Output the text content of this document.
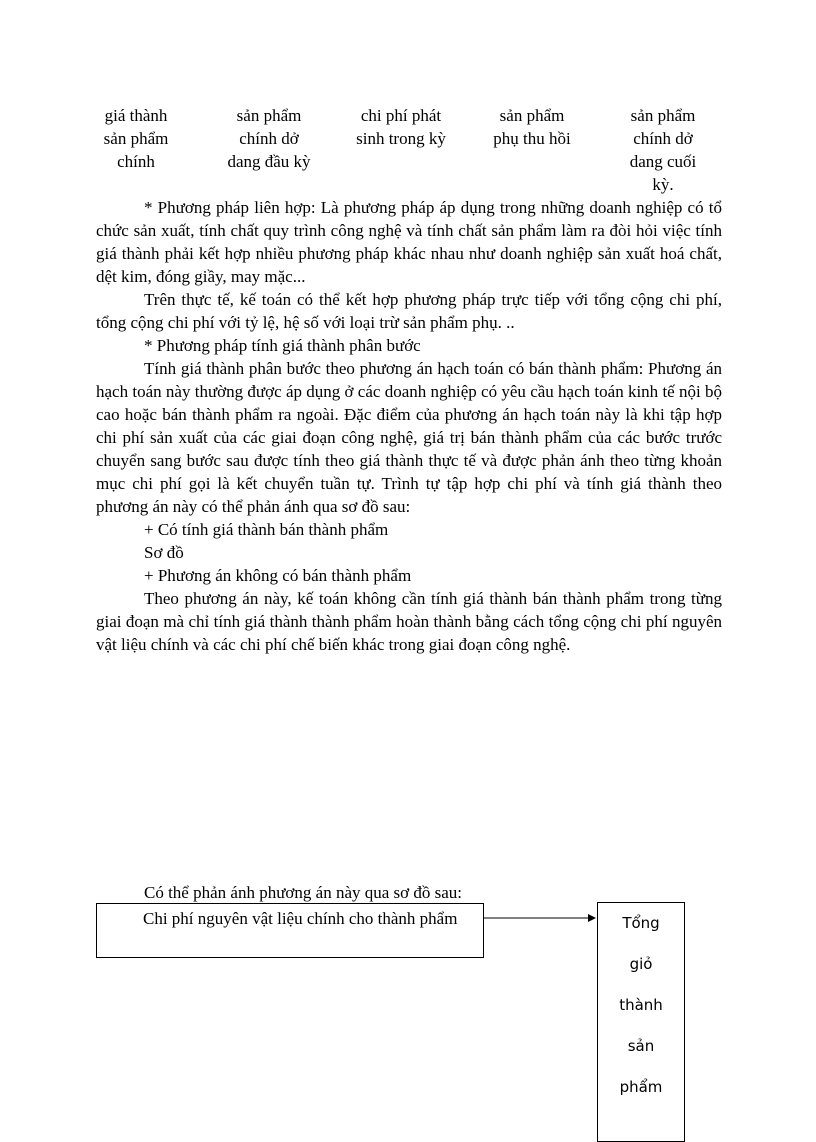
giá thành
sản phẩm
chính
sản phẩm
chính dở
dang đầu kỳ
chi phí phát
sinh trong kỳ
sản phẩm
phụ thu hồi
sản phẩm
chính dở
dang cuối
kỳ.

* Phương pháp liên hợp: Là phương pháp áp dụng trong những doanh nghiệp có tổ chức sản xuất, tính chất quy trình công nghệ và tính chất sản phẩm làm ra đòi hỏi việc tính giá thành phải kết hợp nhiều phương pháp khác nhau như doanh nghiệp sản xuất hoá chất, dệt kim, đóng giầy, may mặc...

Trên thực tế, kế toán có thể kết hợp phương pháp trực tiếp với tổng cộng chi phí, tổng cộng chi phí với tỷ lệ, hệ số với loại trừ sản phẩm phụ. ..

* Phương pháp tính giá thành phân bước

Tính giá thành phân bước theo phương án hạch toán có bán thành phẩm: Phương án hạch toán này thường được áp dụng ở các doanh nghiệp có yêu cầu hạch toán kinh tế nội bộ cao hoặc bán thành phẩm ra ngoài. Đặc điểm của phương án hạch toán này là khi tập hợp chi phí sản xuất của các giai đoạn công nghệ, giá trị bán thành phẩm của các bước trước chuyển sang bước sau được tính theo giá thành thực tế và được phản ánh theo từng khoản mục chi phí gọi là kết chuyển tuần tự. Trình tự tập hợp chi phí và tính giá thành theo phương án này có thể phản ánh qua sơ đồ sau:

+ Có tính giá thành bán thành phẩm

Sơ đồ

+ Phương án không có bán thành phẩm

Theo phương án này, kế toán không cần tính giá thành bán thành phẩm trong từng giai đoạn mà chỉ tính giá thành thành phẩm hoàn thành bằng cách tổng cộng chi phí nguyên vật liệu chính và các chi phí chế biến khác trong giai đoạn công nghệ.

Có thể phản ánh phương án này qua sơ đồ sau:
Chi phí nguyên vật liệu chính cho thành phẩm	Tổng
giỏ
thành
sản
phẩm
